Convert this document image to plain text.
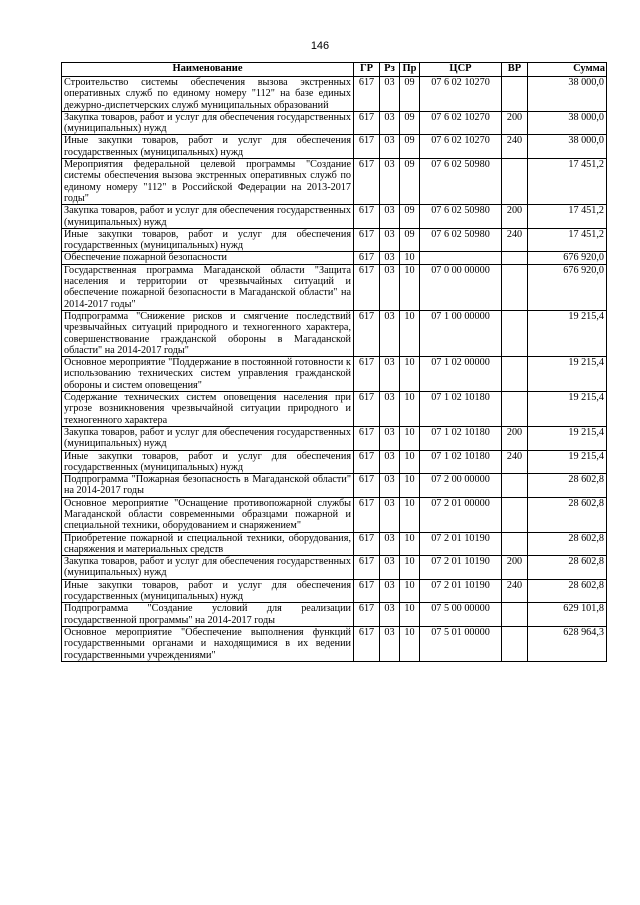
146
Наименование	ГР	Рз	Пр	ЦСР	ВР	Сумма
Строительство системы обеспечения вызова экстренных оперативных служб по единому номеру "112" на базе единых дежурно-диспетчерских служб муниципальных образований	617	03	09	07 6 02 10270		38 000,0
Закупка товаров, работ и услуг для обеспечения государственных (муниципальных) нужд	617	03	09	07 6 02 10270	200	38 000,0
Иные закупки товаров, работ и услуг для обеспечения государственных (муниципальных) нужд	617	03	09	07 6 02 10270	240	38 000,0
Мероприятия федеральной целевой программы "Создание системы обеспечения вызова экстренных оперативных служб по единому номеру "112" в Российской Федерации на 2013-2017 годы"	617	03	09	07 6 02 50980		17 451,2
Закупка товаров, работ и услуг для обеспечения государственных (муниципальных) нужд	617	03	09	07 6 02 50980	200	17 451,2
Иные закупки товаров, работ и услуг для обеспечения государственных (муниципальных) нужд	617	03	09	07 6 02 50980	240	17 451,2
Обеспечение пожарной безопасности	617	03	10			676 920,0
Государственная программа Магаданской области "Защита населения и территории от чрезвычайных ситуаций и обеспечение пожарной безопасности в Магаданской области" на 2014-2017 годы"	617	03	10	07 0 00 00000		676 920,0
Подпрограмма "Снижение рисков и смягчение последствий чрезвычайных ситуаций природного и техногенного характера, совершенствование гражданской обороны в Магаданской области" на 2014-2017 годы"	617	03	10	07 1 00 00000		19 215,4
Основное мероприятие "Поддержание в постоянной готовности к использованию технических систем управления гражданской обороны и систем оповещения"	617	03	10	07 1 02 00000		19 215,4
Содержание технических систем оповещения населения при угрозе возникновения чрезвычайной ситуации природного и техногенного характера	617	03	10	07 1 02 10180		19 215,4
Закупка товаров, работ и услуг для обеспечения государственных (муниципальных) нужд	617	03	10	07 1 02 10180	200	19 215,4
Иные закупки товаров, работ и услуг для обеспечения государственных (муниципальных) нужд	617	03	10	07 1 02 10180	240	19 215,4
Подпрограмма "Пожарная безопасность в Магаданской области" на 2014-2017 годы	617	03	10	07 2 00 00000		28 602,8
Основное мероприятие "Оснащение противопожарной службы Магаданской области современными образцами пожарной и специальной техники, оборудованием и снаряжением"	617	03	10	07 2 01 00000		28 602,8
Приобретение пожарной и специальной техники, оборудования, снаряжения и материальных средств	617	03	10	07 2 01 10190		28 602,8
Закупка товаров, работ и услуг для обеспечения государственных (муниципальных) нужд	617	03	10	07 2 01 10190	200	28 602,8
Иные закупки товаров, работ и услуг для обеспечения государственных (муниципальных) нужд	617	03	10	07 2 01 10190	240	28 602,8
Подпрограмма "Создание условий для реализации государственной программы" на 2014-2017 годы	617	03	10	07 5 00 00000		629 101,8
Основное мероприятие "Обеспечение выполнения функций государственными органами и находящимися в их ведении государственными учреждениями"	617	03	10	07 5 01 00000		628 964,3
